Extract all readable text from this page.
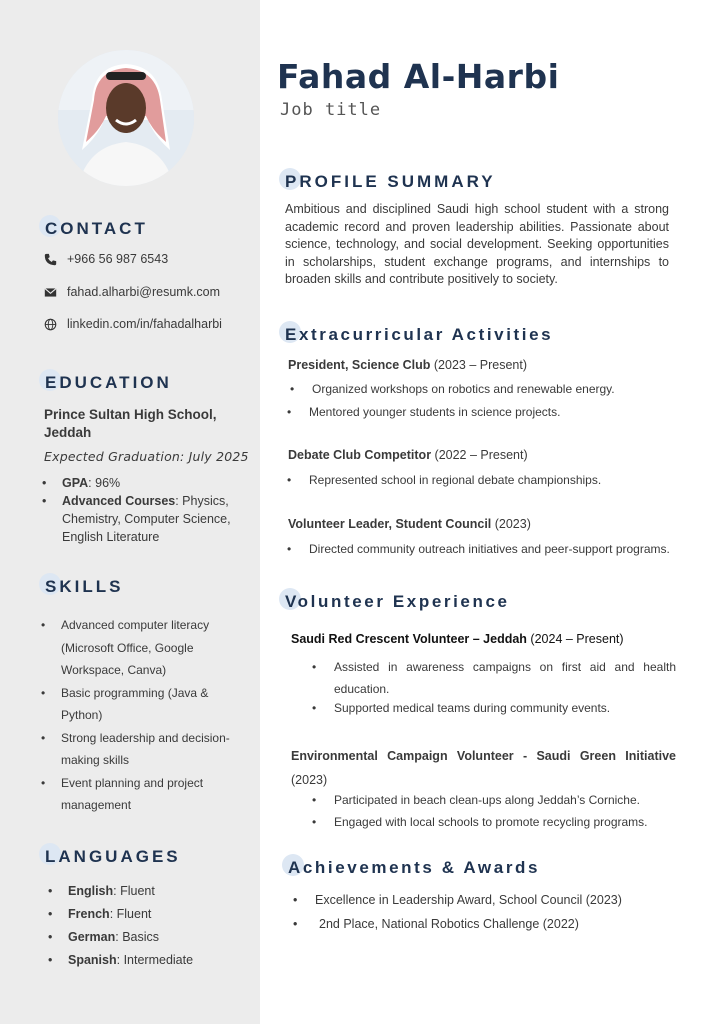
CONTACT
+966 56 987 6543
fahad.alharbi@resumk.com
linkedin.com/in/fahadalharbi
EDUCATION
Prince Sultan High School, Jeddah
Expected Graduation: July 2025
• GPA: 96%
• Advanced Courses: Physics, Chemistry, Computer Science, English Literature
SKILLS
• Advanced computer literacy (Microsoft Office, Google Workspace, Canva)
• Basic programming (Java & Python)
• Strong leadership and decision-making skills
• Event planning and project management
LANGUAGES
• English: Fluent
• French: Fluent
• German: Basics
• Spanish: Intermediate
Fahad Al-Harbi
Job title
PROFILE SUMMARY
Ambitious and disciplined Saudi high school student with a strong academic record and proven leadership abilities. Passionate about science, technology, and social development. Seeking opportunities in scholarships, student exchange programs, and internships to broaden skills and contribute positively to society.
Extracurricular Activities
President, Science Club (2023 – Present)
• Organized workshops on robotics and renewable energy.
• Mentored younger students in science projects.
Debate Club Competitor (2022 – Present)
• Represented school in regional debate championships.
Volunteer Leader, Student Council (2023)
• Directed community outreach initiatives and peer-support programs.
Volunteer Experience
Saudi Red Crescent Volunteer – Jeddah (2024 – Present)
• Assisted in awareness campaigns on first aid and health education.
• Supported medical teams during community events.
Environmental Campaign Volunteer - Saudi Green Initiative (2023)
• Participated in beach clean-ups along Jeddah’s Corniche.
• Engaged with local schools to promote recycling programs.
Achievements & Awards
• Excellence in Leadership Award, School Council (2023)
• 2nd Place, National Robotics Challenge (2022)
